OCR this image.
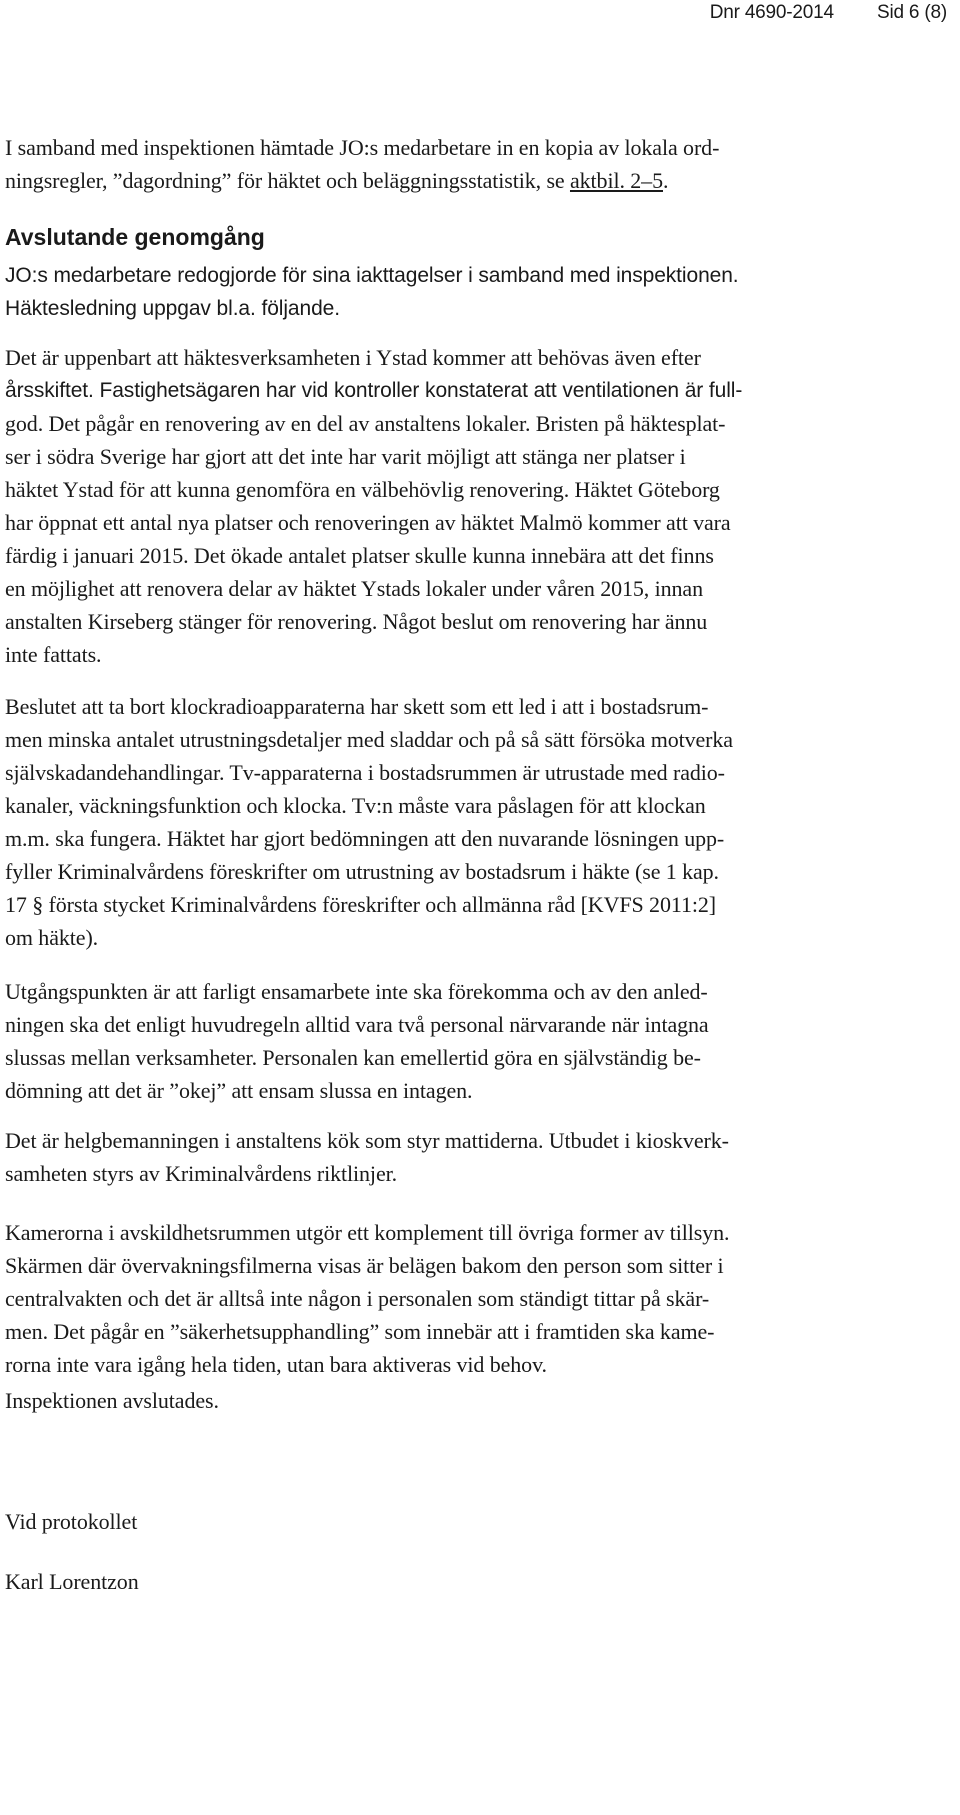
Dnr 4690-2014 Sid 6 (8)
I samband med inspektionen hämtade JO:s medarbetare in en kopia av lokala ord-
ningsregler, ”dagordning” för häktet och beläggningsstatistik, se aktbil. 2–5.
Avslutande genomgång
JO:s medarbetare redogjorde för sina iakttagelser i samband med inspektionen.
Häktesledning uppgav bl.a. följande.
Det är uppenbart att häktesverksamheten i Ystad kommer att behövas även efter
årsskiftet. Fastighetsägaren har vid kontroller konstaterat att ventilationen är full-
god. Det pågår en renovering av en del av anstaltens lokaler. Bristen på häktesplat-
ser i södra Sverige har gjort att det inte har varit möjligt att stänga ner platser i
häktet Ystad för att kunna genomföra en välbehövlig renovering. Häktet Göteborg
har öppnat ett antal nya platser och renoveringen av häktet Malmö kommer att vara
färdig i januari 2015. Det ökade antalet platser skulle kunna innebära att det finns
en möjlighet att renovera delar av häktet Ystads lokaler under våren 2015, innan
anstalten Kirseberg stänger för renovering. Något beslut om renovering har ännu
inte fattats.
Beslutet att ta bort klockradioapparaterna har skett som ett led i att i bostadsrum-
men minska antalet utrustningsdetaljer med sladdar och på så sätt försöka motverka
självskadandehandlingar. Tv-apparaterna i bostadsrummen är utrustade med radio-
kanaler, väckningsfunktion och klocka. Tv:n måste vara påslagen för att klockan
m.m. ska fungera. Häktet har gjort bedömningen att den nuvarande lösningen upp-
fyller Kriminalvårdens föreskrifter om utrustning av bostadsrum i häkte (se 1 kap.
17 § första stycket Kriminalvårdens föreskrifter och allmänna råd [KVFS 2011:2]
om häkte).
Utgångspunkten är att farligt ensamarbete inte ska förekomma och av den anled-
ningen ska det enligt huvudregeln alltid vara två personal närvarande när intagna
slussas mellan verksamheter. Personalen kan emellertid göra en självständig be-
dömning att det är ”okej” att ensam slussa en intagen.
Det är helgbemanningen i anstaltens kök som styr mattiderna. Utbudet i kioskverk-
samheten styrs av Kriminalvårdens riktlinjer.
Kamerorna i avskildhetsrummen utgör ett komplement till övriga former av tillsyn.
Skärmen där övervakningsfilmerna visas är belägen bakom den person som sitter i
centralvakten och det är alltså inte någon i personalen som ständigt tittar på skär-
men. Det pågår en ”säkerhetsupphandling” som innebär att i framtiden ska kame-
rorna inte vara igång hela tiden, utan bara aktiveras vid behov.
Inspektionen avslutades.
Vid protokollet
Karl Lorentzon
